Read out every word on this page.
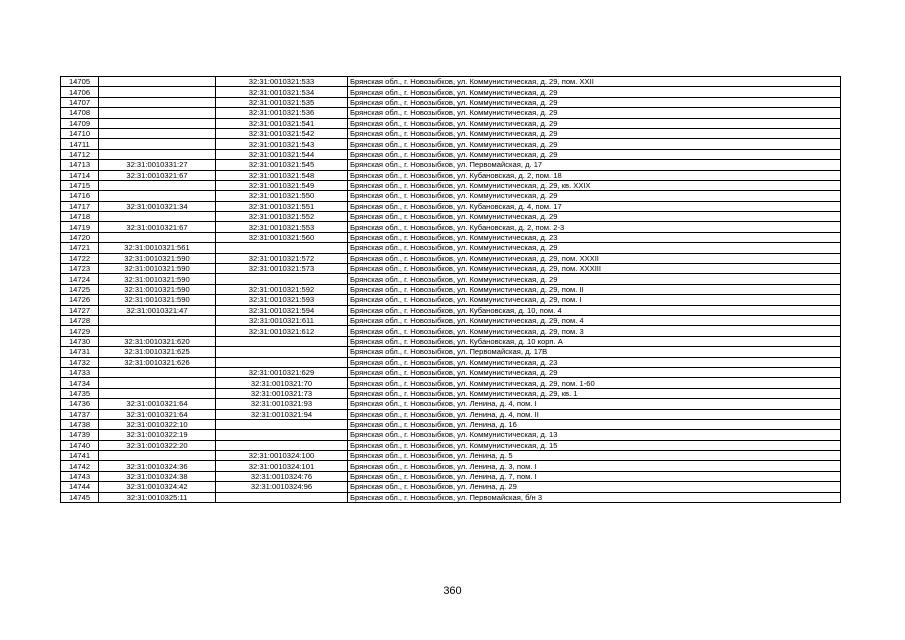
14705		32:31:0010321:533	Брянская обл., г. Новозыбков, ул. Коммунистическая, д. 29, пом. XXII
14706		32:31:0010321:534	Брянская обл., г. Новозыбков, ул. Коммунистическая, д. 29
14707		32:31:0010321:535	Брянская обл., г. Новозыбков, ул. Коммунистическая, д. 29
14708		32:31:0010321:536	Брянская обл., г. Новозыбков, ул. Коммунистическая, д. 29
14709		32:31:0010321:541	Брянская обл., г. Новозыбков, ул. Коммунистическая, д. 29
14710		32:31:0010321:542	Брянская обл., г. Новозыбков, ул. Коммунистическая, д. 29
14711		32:31:0010321:543	Брянская обл., г. Новозыбков, ул. Коммунистическая, д. 29
14712		32:31:0010321:544	Брянская обл., г. Новозыбков, ул. Коммунистическая, д. 29
14713	32:31:0010331:27	32:31:0010321:545	Брянская обл., г. Новозыбков, ул. Первомайская, д. 17
14714	32:31:0010321:67	32:31:0010321:548	Брянская обл., г. Новозыбков, ул. Кубановская, д. 2, пом. 18
14715		32:31:0010321:549	Брянская обл., г. Новозыбков, ул. Коммунистическая, д. 29, кв. XXIX
14716		32:31:0010321:550	Брянская обл., г. Новозыбков, ул. Коммунистическая, д. 29
14717	32:31:0010321:34	32:31:0010321:551	Брянская обл., г. Новозыбков, ул. Кубановская, д. 4, пом. 17
14718		32:31:0010321:552	Брянская обл., г. Новозыбков, ул. Коммунистическая, д. 29
14719	32:31:0010321:67	32:31:0010321:553	Брянская обл., г. Новозыбков, ул. Кубановская, д. 2, пом. 2-3
14720		32:31:0010321:560	Брянская обл., г. Новозыбков, ул. Коммунистическая, д. 23
14721	32:31:0010321:561		Брянская обл., г. Новозыбков, ул. Коммунистическая, д. 29
14722	32:31:0010321:590	32:31:0010321:572	Брянская обл., г. Новозыбков, ул. Коммунистическая, д. 29, пом. XXXII
14723	32:31:0010321:590	32:31:0010321:573	Брянская обл., г. Новозыбков, ул. Коммунистическая, д. 29, пом. XXXIII
14724	32:31:0010321:590		Брянская обл., г. Новозыбков, ул. Коммунистическая, д. 29
14725	32:31:0010321:590	32:31:0010321:592	Брянская обл., г. Новозыбков, ул. Коммунистическая, д. 29, пом. II
14726	32:31:0010321:590	32:31:0010321:593	Брянская обл., г. Новозыбков, ул. Коммунистическая, д. 29, пом. I
14727	32:31:0010321:47	32:31:0010321:594	Брянская обл., г. Новозыбков, ул. Кубановская, д. 10, пом. 4
14728		32:31:0010321:611	Брянская обл., г. Новозыбков, ул. Коммунистическая, д. 29, пом. 4
14729		32:31:0010321:612	Брянская обл., г. Новозыбков, ул. Коммунистическая, д. 29, пом. 3
14730	32:31:0010321:620		Брянская обл., г. Новозыбков, ул. Кубановская, д. 10 корп. А
14731	32:31:0010321:625		Брянская обл., г. Новозыбков, ул. Первомайская, д. 17В
14732	32:31:0010321:626		Брянская обл., г. Новозыбков, ул. Коммунистическая, д. 23
14733		32:31:0010321:629	Брянская обл., г. Новозыбков, ул. Коммунистическая, д. 29
14734		32:31:0010321:70	Брянская обл., г. Новозыбков, ул. Коммунистическая, д. 29, пом. 1-60
14735		32:31:0010321:73	Брянская обл., г. Новозыбков, ул. Коммунистическая, д. 29, кв. 1
14736	32:31:0010321:64	32:31:0010321:93	Брянская обл., г. Новозыбков, ул. Ленина, д. 4, пом. I
14737	32:31:0010321:64	32:31:0010321:94	Брянская обл., г. Новозыбков, ул. Ленина, д. 4, пом. II
14738	32:31:0010322:10		Брянская обл., г. Новозыбков, ул. Ленина, д. 16
14739	32:31:0010322:19		Брянская обл., г. Новозыбков, ул. Коммунистическая, д. 13
14740	32:31:0010322:20		Брянская обл., г. Новозыбков, ул. Коммунистическая, д. 15
14741		32:31:0010324:100	Брянская обл., г. Новозыбков, ул. Ленина, д. 5
14742	32:31:0010324:36	32:31:0010324:101	Брянская обл., г. Новозыбков, ул. Ленина, д. 3, пом. I
14743	32:31:0010324:38	32:31:0010324:76	Брянская обл., г. Новозыбков, ул. Ленина, д. 7, пом. I
14744	32:31:0010324:42	32:31:0010324:96	Брянская обл., г. Новозыбков, ул. Ленина, д. 29
14745	32:31:0010325:11		Брянская обл., г. Новозыбков, ул. Первомайская, б/н 3
360
